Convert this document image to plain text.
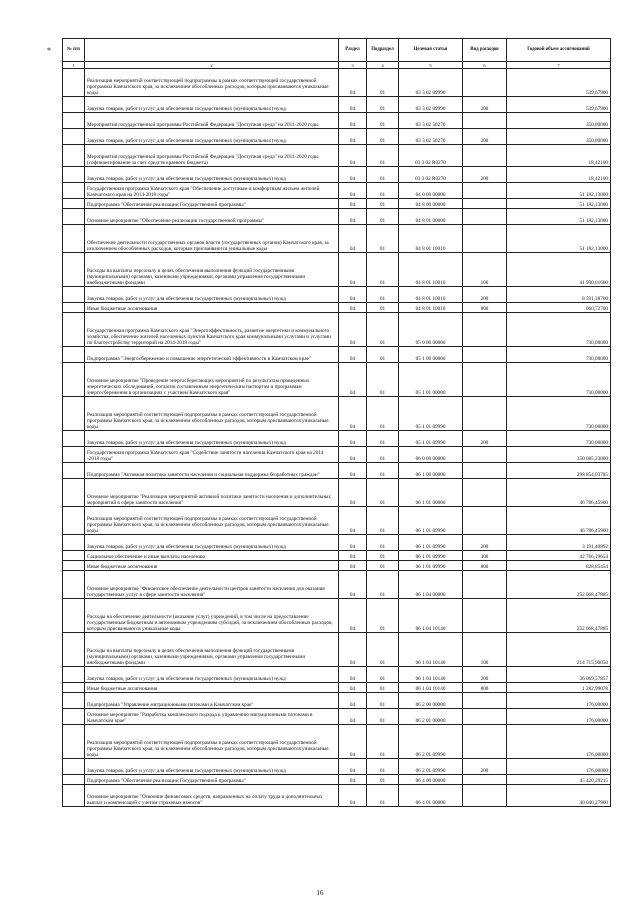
*	№ п/п		Раздел	Подраздел	Целевая статья	Вид расходов	Годовой объем ассигнований
1	2	3	4	5	6	7
	Реализация мероприятий соответствующей подпрограммы в рамках соответствующей государственной программы Камчатского края, за исключением обособленных расходов, которым присваиваются уникальные коды	04	01	03 3 02 09990		539,67900
	Закупка товаров, работ и услуг для обеспечения государственных (муниципальных) нужд	04	01	03 3 02 09990	200	539,67900
	Мероприятия государственной программы Российской Федерации "Доступная среда" на 2011-2020 годы	04	01	03 3 02 50270		350,00000
	Закупка товаров, работ и услуг для обеспечения государственных (муниципальных) нужд	04	01	03 3 02 50270	200	350,00000
	Мероприятия государственной программы Российской Федерации "Доступная среда" на 2011-2020 годы (софинансирование за счет средств краевого бюджета)	04	01	03 3 02 R0270		18,42100
	Закупка товаров, работ и услуг для обеспечения государственных (муниципальных) нужд	04	01	03 3 02 R0270	200	18,42100
	Государственная программа Камчатского края "Обеспечение доступным и комфортным жильем жителей Камчатского края на 2014-2018 годы"	04	01	04 0 00 00000		51 182,13000
	Подпрограмма "Обеспечение реализации Государственной программы"	04	01	04 8 00 00000		51 182,13000
	Основное мероприятие "Обеспечение реализации государственной программы"	04	01	04 8 01 00000		51 182,13000
	Обеспечение деятельности государственных органов власти (государственных органов) Камчатского края, за исключением обособленных расходов, которым присваиваются уникальные коды	04	01	04 8 01 10010		51 182,13000
	Расходы на выплаты персоналу в целях обеспечения выполнения функций государственными (муниципальными) органами, казенными учреждениями, органами управления государственными внебюджетными фондами	04	01	04 8 01 10010	100	41 930,01600
	Закупка товаров, работ и услуг для обеспечения государственных (муниципальных) нужд	04	01	04 8 01 10010	200	8 591,38700
	Иные бюджетные ассигнования	04	01	04 8 01 10010	800	660,72700
	Государственная программа Камчатского края "Энергоэффективность, развитие энергетики и коммунального хозяйства, обеспечение жителей населенных пунктов Камчатского края коммунальными услугами и услугами по благоустройству территорий на 2014-2018 годы"	04	01	05 0 00 00000		730,00000
	Подпрограмма "Энергосбережение и повышение энергетической эффективности в Камчатском крае"	04	01	05 1 00 00000		730,00000
	Основное мероприятие "Проведение энергосберегающих мероприятий по результатам проведенных энергетических обследований, согласно составленным энергетическим паспортам и программам энергосбережения в организациях с участием Камчатского края"	04	01	05 1 01 00000		730,00000
	Реализация мероприятий соответствующей подпрограммы в рамках соответствующей государственной программы Камчатского края, за исключением обособленных расходов, которым присваиваются уникальные коды	04	01	05 1 01 09990		730,00000
	Закупка товаров, работ и услуг для обеспечения государственных (муниципальных) нужд	04	01	05 1 01 09990	200	730,00000
	Государственная программа Камчатского края "Содействие занятости населения Камчатского края на 2014 -2018 годы"	04	01	06 0 00 00000		350 085,23000
	Подпрограмма "Активная политика занятости населения и социальная поддержка безработных граждан"	04	01	06 1 00 00000		298 854,03785
	Основное мероприятие "Реализация мероприятий активной политики занятости населения и дополнительных мероприятий в сфере занятости населения"	04	01	06 1 01 00000		46 786,45900
	Реализация мероприятий соответствующей подпрограммы в рамках соответствующей государственной программы Камчатского края, за исключением обособленных расходов, которым присваиваются уникальные коды	04	01	06 1 01 09990		46 786,45900
	Закупка товаров, работ и услуг для обеспечения государственных (муниципальных) нужд	04	01	06 1 01 09990	200	3 191,40892
	Социальное обеспечение и иные выплаты населению	04	01	06 1 01 09990	300	42 766,19654
	Иные бюджетные ассигнования	04	01	06 1 01 09990	800	828,85454
	Основное мероприятие "Финансовое обеспечение деятельности центров занятости населения для оказания государственных услуг в сфере занятости населения"	04	01	06 1 04 00000		252 068,47885
	Расходы на обеспечение деятельности (оказание услуг) учреждений, в том числе на предоставление государственным бюджетным и автономным учреждениям субсидий, за исключением обособленных расходов, которым присваиваются уникальные коды	04	01	06 1 04 10140		252 068,47885
	Расходы на выплаты персоналу в целях обеспечения выполнения функций государственными (муниципальными) органами, казенными учреждениями, органами управления государственными внебюджетными фондами	04	01	06 1 04 10140	100	214 715,90050
	Закупка товаров, работ и услуг для обеспечения государственных (муниципальных) нужд	04	01	06 1 04 10140	200	36 069,57857
	Иные бюджетные ассигнования	04	01	06 1 04 10140	800	1 282,99078
	Подпрограмма "Управление миграционными потоками в Камчатском крае"	04	01	06 2 00 00000		176,00000
	Основное мероприятие "Разработка комплексного подхода к управлению миграционными потоками в Камчатском крае"	04	01	06 2 01 00000		176,00000
	Реализация мероприятий соответствующей подпрограммы в рамках соответствующей государственной программы Камчатского края, за исключением обособленных расходов, которым присваиваются уникальные коды	04	01	06 2 01 09990		176,00000
	Закупка товаров, работ и услуг для обеспечения государственных (муниципальных) нужд	04	01	06 2 01 09990	200	176,00000
	Подпрограмма "Обеспечение реализации Государственной программы"	04	01	06 4 00 00000		45 420,29215
	Основное мероприятие "Освоение финансовых средств, направленных на оплату труда и дополнительных выплат и компенсаций с учетом страховых взносов"	04	01	06 4 01 00000		40 040,27900
16
